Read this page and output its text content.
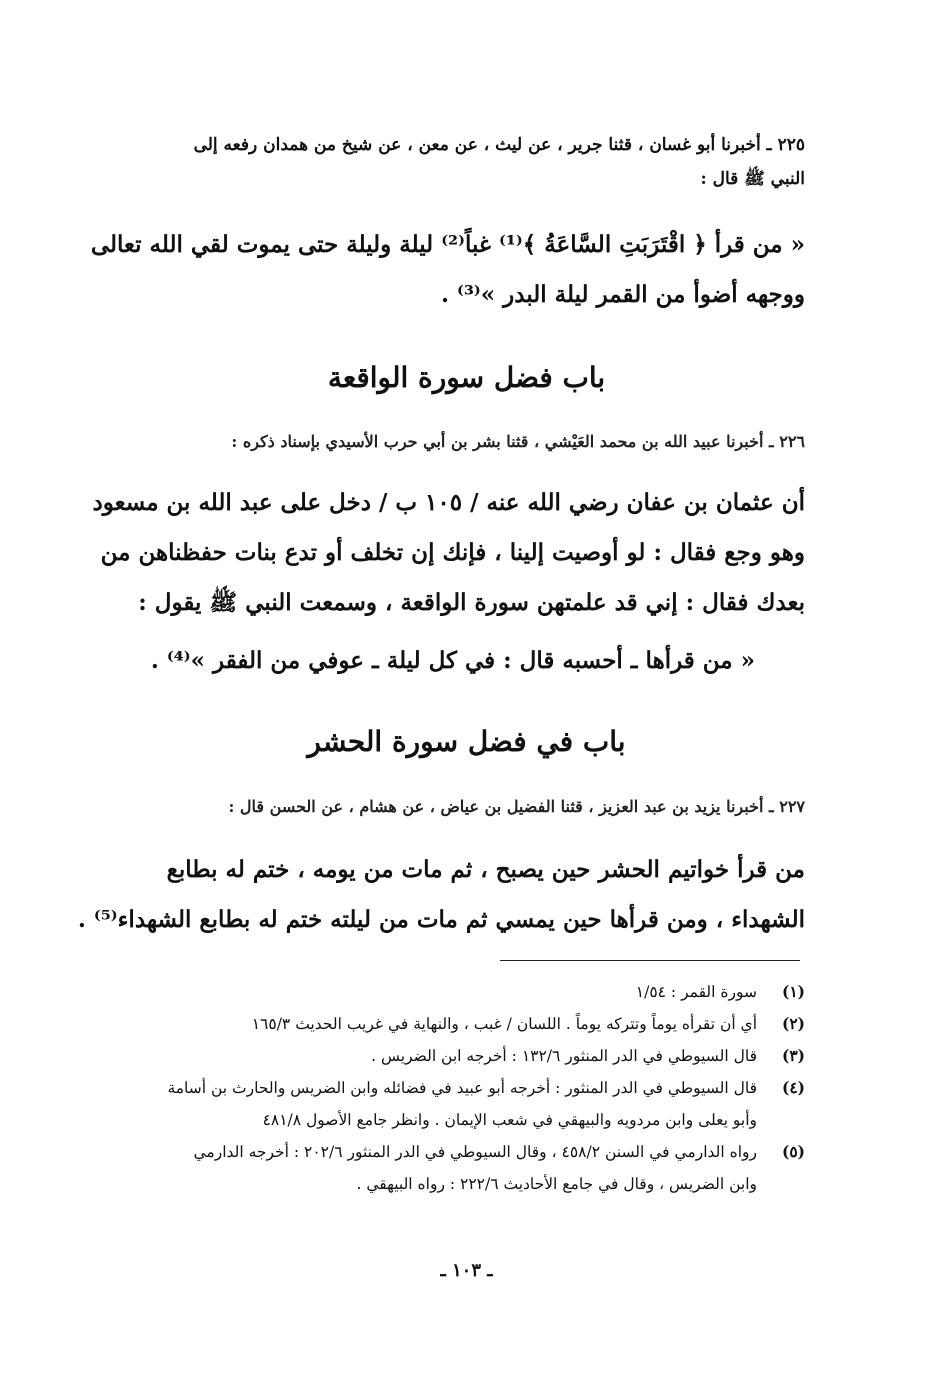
٢٢٥ ـ أخبرنا أبو غسان ، قثنا جرير ، عن ليث ، عن معن ، عن شيخ من همدان رفعه إلى
النبي ﷺ قال :
« من قرأ ﴿ اقْتَرَبَتِ السَّاعَةُ ﴾⁽¹⁾ غباً⁽²⁾ ليلة وليلة حتى يموت لقي الله تعالى
ووجهه أضوأ من القمر ليلة البدر »⁽³⁾ .
باب فضل سورة الواقعة
٢٢٦ ـ أخبرنا عبيد الله بن محمد العَيْشي ، قثنا بشر بن أبي حرب الأسيدي بإسناد ذكره :
أن عثمان بن عفان رضي الله عنه / ١٠٥ ب / دخل على عبد الله بن مسعود
وهو وجع فقال : لو أوصيت إلينا ، فإنك إن تخلف أو تدع بنات حفظناهن من
بعدك فقال : إني قد علمتهن سورة الواقعة ، وسمعت النبي ﷺ يقول :
« من قرأها ـ أحسبه قال : في كل ليلة ـ عوفي من الفقر »⁽⁴⁾ .
باب في فضل سورة الحشر
٢٢٧ ـ أخبرنا يزيد بن عبد العزيز ، قثنا الفضيل بن عياض ، عن هشام ، عن الحسن قال :
من قرأ خواتيم الحشر حين يصبح ، ثم مات من يومه ، ختم له بطابع
الشهداء ، ومن قرأها حين يمسي ثم مات من ليلته ختم له بطابع الشهداء⁽⁵⁾ .
(١)
سورة القمر : ١/٥٤
(٢)
أي أن تقرأه يوماً وتتركه يوماً . اللسان / غبب ، والنهاية في غريب الحديث ١٦٥/٣
(٣)
قال السيوطي في الدر المنثور ١٣٢/٦ : أخرجه ابن الضريس .
(٤)
قال السيوطي في الدر المنثور : أخرجه أبو عبيد في فضائله وابن الضريس والحارث بن أسامة
وأبو يعلى وابن مردويه والبيهقي في شعب الإيمان . وانظر جامع الأصول ٤٨١/٨
(٥)
رواه الدارمي في السنن ٤٥٨/٢ ، وقال السيوطي في الدر المنثور ٢٠٢/٦ : أخرجه الدارمي
وابن الضريس ، وقال في جامع الأحاديث ٢٢٢/٦ : رواه البيهقي .
ـ ١٠٣ ـ
